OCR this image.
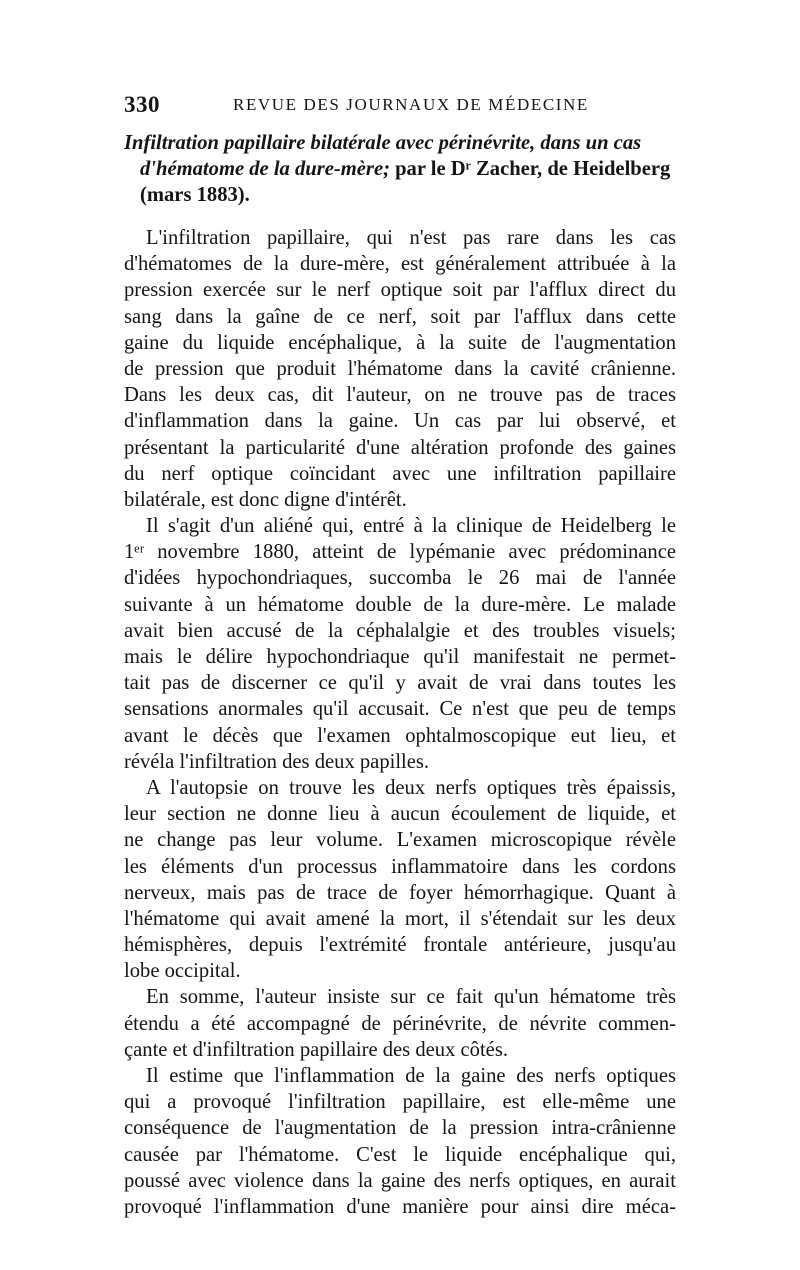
330	REVUE DES JOURNAUX DE MÉDECINE
Infiltration papillaire bilatérale avec périnévrite, dans un cas
d'hématome de la dure-mère; par le Dʳ Zacher, de Heidelberg
(mars 1883).
L'infiltration papillaire, qui n'est pas rare dans les cas
d'hématomes de la dure-mère, est généralement attribuée à la
pression exercée sur le nerf optique soit par l'afflux direct du
sang dans la gaîne de ce nerf, soit par l'afflux dans cette
gaine du liquide encéphalique, à la suite de l'augmentation
de pression que produit l'hématome dans la cavité crânienne.
Dans les deux cas, dit l'auteur, on ne trouve pas de traces
d'inflammation dans la gaine. Un cas par lui observé, et
présentant la particularité d'une altération profonde des gaines
du nerf optique coïncidant avec une infiltration papillaire
bilatérale, est donc digne d'intérêt.
Il s'agit d'un aliéné qui, entré à la clinique de Heidelberg le
1ᵉʳ novembre 1880, atteint de lypémanie avec prédominance
d'idées hypochondriaques, succomba le 26 mai de l'année
suivante à un hématome double de la dure-mère. Le malade
avait bien accusé de la céphalalgie et des troubles visuels;
mais le délire hypochondriaque qu'il manifestait ne permet-
tait pas de discerner ce qu'il y avait de vrai dans toutes les
sensations anormales qu'il accusait. Ce n'est que peu de temps
avant le décès que l'examen ophtalmoscopique eut lieu, et
révéla l'infiltration des deux papilles.
A l'autopsie on trouve les deux nerfs optiques très épaissis,
leur section ne donne lieu à aucun écoulement de liquide, et
ne change pas leur volume. L'examen microscopique révèle
les éléments d'un processus inflammatoire dans les cordons
nerveux, mais pas de trace de foyer hémorrhagique. Quant à
l'hématome qui avait amené la mort, il s'étendait sur les deux
hémisphères, depuis l'extrémité frontale antérieure, jusqu'au
lobe occipital.
En somme, l'auteur insiste sur ce fait qu'un hématome très
étendu a été accompagné de périnévrite, de névrite commen-
çante et d'infiltration papillaire des deux côtés.
Il estime que l'inflammation de la gaine des nerfs optiques
qui a provoqué l'infiltration papillaire, est elle-même une
conséquence de l'augmentation de la pression intra-crânienne
causée par l'hématome. C'est le liquide encéphalique qui,
poussé avec violence dans la gaine des nerfs optiques, en aurait
provoqué l'inflammation d'une manière pour ainsi dire méca-
